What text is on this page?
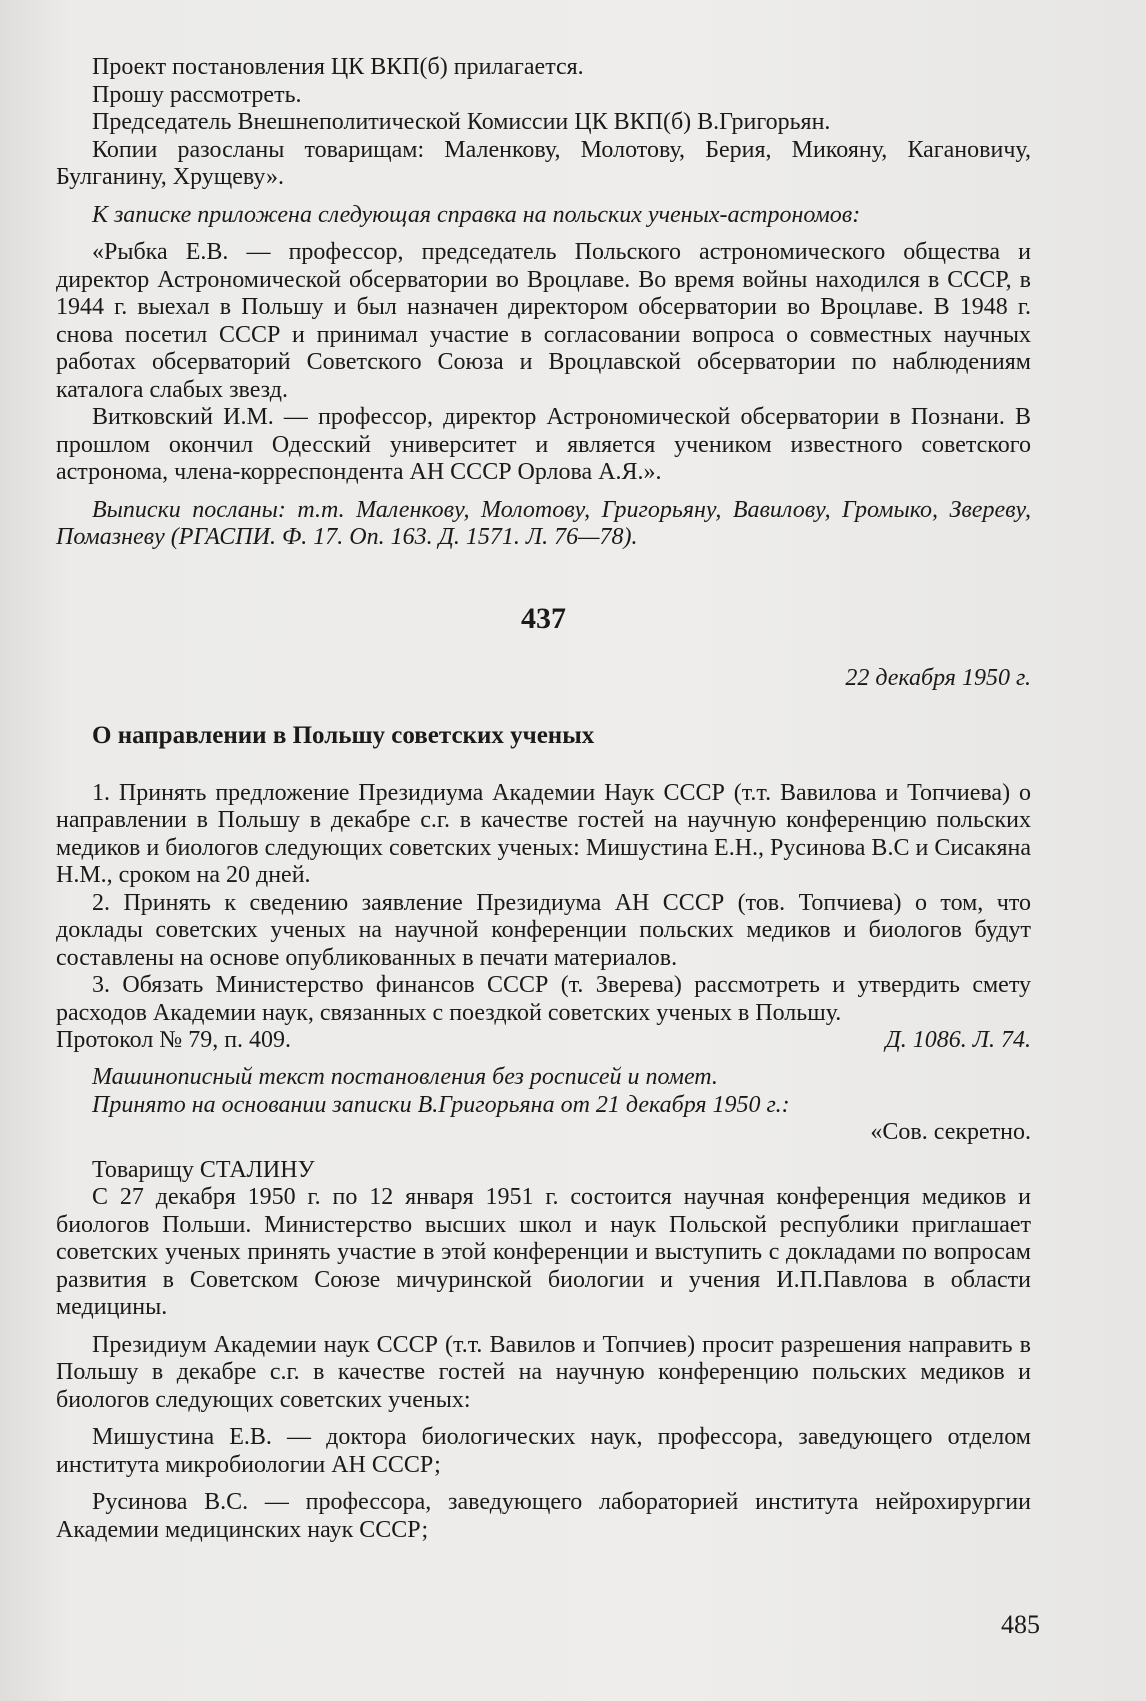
Проект постановления ЦК ВКП(б) прилагается.

Прошу рассмотреть.

Председатель Внешнеполитической Комиссии ЦК ВКП(б) В.Григорьян.

Копии разосланы товарищам: Маленкову, Молотову, Берия, Микояну, Кагановичу, Булганину, Хрущеву».

К записке приложена следующая справка на польских ученых-астрономов:

«Рыбка Е.В. — профессор, председатель Польского астрономического общества и директор Астрономической обсерватории во Вроцлаве. Во время войны находился в СССР, в 1944 г. выехал в Польшу и был назначен директором обсерватории во Вроцлаве. В 1948 г. снова посетил СССР и принимал участие в согласовании вопроса о совместных научных работах обсерваторий Советского Союза и Вроцлавской обсерватории по наблюдениям каталога слабых звезд.

Витковский И.М. — профессор, директор Астрономической обсерватории в Познани. В прошлом окончил Одесский университет и является учеником известного советского астронома, члена-корреспондента АН СССР Орлова А.Я.».

Выписки посланы: т.т. Маленкову, Молотову, Григорьяну, Вавилову, Громыко, Звереву, Помазневу (РГАСПИ. Ф. 17. Оп. 163. Д. 1571. Л. 76—78).

437

22 декабря 1950 г.

О направлении в Польшу советских ученых

1. Принять предложение Президиума Академии Наук СССР (т.т. Вавилова и Топчиева) о направлении в Польшу в декабре с.г. в качестве гостей на научную конференцию польских медиков и биологов следующих советских ученых: Мишустина Е.Н., Русинова В.С и Сисакяна Н.М., сроком на 20 дней.

2. Принять к сведению заявление Президиума АН СССР (тов. Топчиева) о том, что доклады советских ученых на научной конференции польских медиков и биологов будут составлены на основе опубликованных в печати материалов.

3. Обязать Министерство финансов СССР (т. Зверева) рассмотреть и утвердить смету расходов Академии наук, связанных с поездкой советских ученых в Польшу.

Протокол № 79, п. 409.	Д. 1086. Л. 74.

Машинописный текст постановления без росписей и помет.

Принято на основании записки В.Григорьяна от 21 декабря 1950 г.:

«Сов. секретно.

Товарищу СТАЛИНУ

С 27 декабря 1950 г. по 12 января 1951 г. состоится научная конференция медиков и биологов Польши. Министерство высших школ и наук Польской республики приглашает советских ученых принять участие в этой конференции и выступить с докладами по вопросам развития в Советском Союзе мичуринской биологии и учения И.П.Павлова в области медицины.

Президиум Академии наук СССР (т.т. Вавилов и Топчиев) просит разрешения направить в Польшу в декабре с.г. в качестве гостей на научную конференцию польских медиков и биологов следующих советских ученых:

Мишустина Е.В. — доктора биологических наук, профессора, заведующего отделом института микробиологии АН СССР;

Русинова В.С. — профессора, заведующего лабораторией института нейрохирургии Академии медицинских наук СССР;

485
